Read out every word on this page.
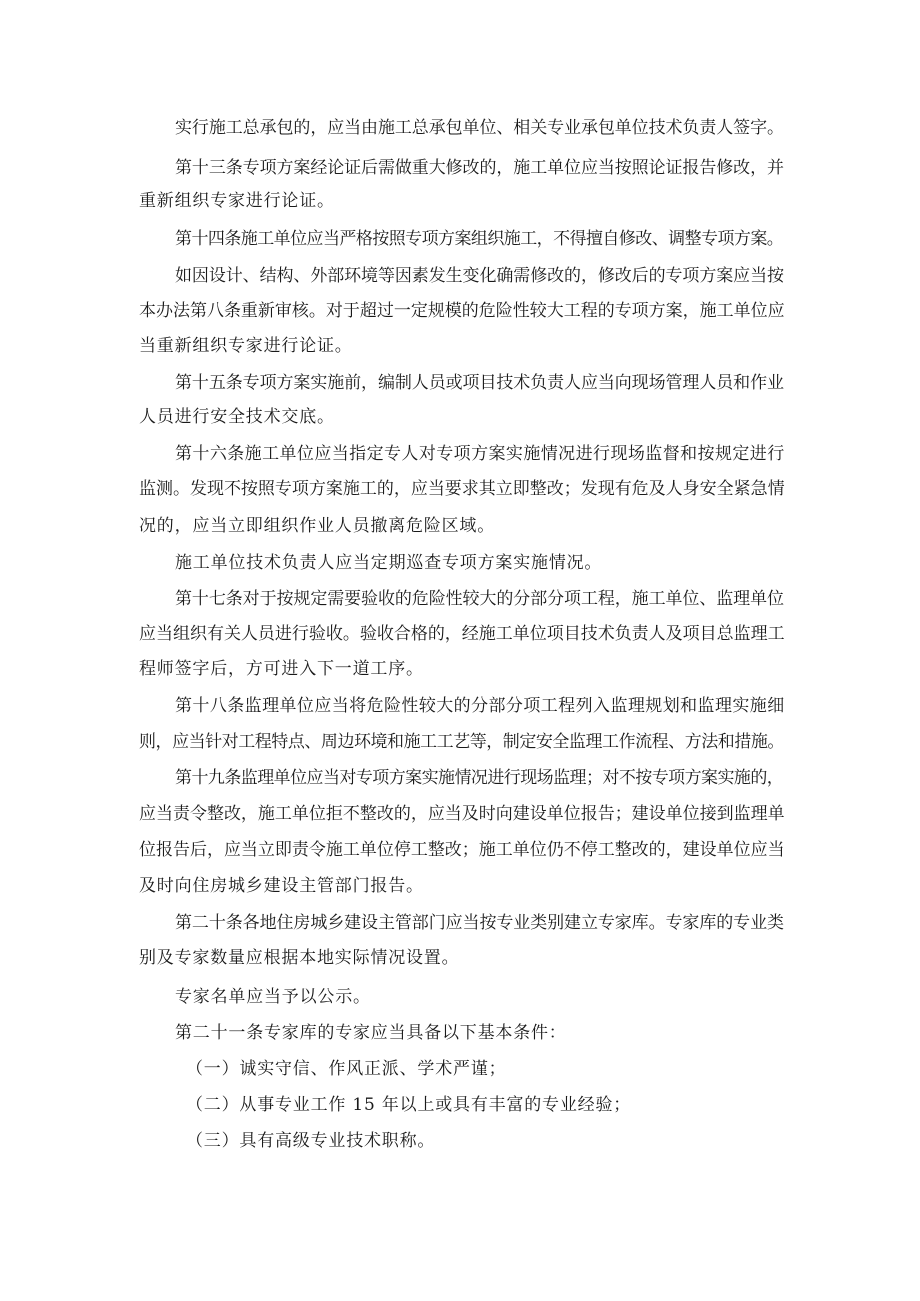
实行施工总承包的，应当由施工总承包单位、相关专业承包单位技术负责人签字。

第十三条专项方案经论证后需做重大修改的，施工单位应当按照论证报告修改，并

重新组织专家进行论证。

第十四条施工单位应当严格按照专项方案组织施工，不得擅自修改、调整专项方案。

如因设计、结构、外部环境等因素发生变化确需修改的，修改后的专项方案应当按

本办法第八条重新审核。对于超过一定规模的危险性较大工程的专项方案，施工单位应

当重新组织专家进行论证。

第十五条专项方案实施前，编制人员或项目技术负责人应当向现场管理人员和作业

人员进行安全技术交底。

第十六条施工单位应当指定专人对专项方案实施情况进行现场监督和按规定进行

监测。发现不按照专项方案施工的，应当要求其立即整改；发现有危及人身安全紧急情

况的，应当立即组织作业人员撤离危险区域。

施工单位技术负责人应当定期巡查专项方案实施情况。

第十七条对于按规定需要验收的危险性较大的分部分项工程，施工单位、监理单位

应当组织有关人员进行验收。验收合格的，经施工单位项目技术负责人及项目总监理工

程师签字后，方可进入下一道工序。

第十八条监理单位应当将危险性较大的分部分项工程列入监理规划和监理实施细

则，应当针对工程特点、周边环境和施工工艺等，制定安全监理工作流程、方法和措施。

第十九条监理单位应当对专项方案实施情况进行现场监理；对不按专项方案实施的，

应当责令整改，施工单位拒不整改的，应当及时向建设单位报告；建设单位接到监理单

位报告后，应当立即责令施工单位停工整改；施工单位仍不停工整改的，建设单位应当

及时向住房城乡建设主管部门报告。

第二十条各地住房城乡建设主管部门应当按专业类别建立专家库。专家库的专业类

别及专家数量应根据本地实际情况设置。

专家名单应当予以公示。

第二十一条专家库的专家应当具备以下基本条件：

（一）诚实守信、作风正派、学术严谨；

（二）从事专业工作 15 年以上或具有丰富的专业经验；

（三）具有高级专业技术职称。
